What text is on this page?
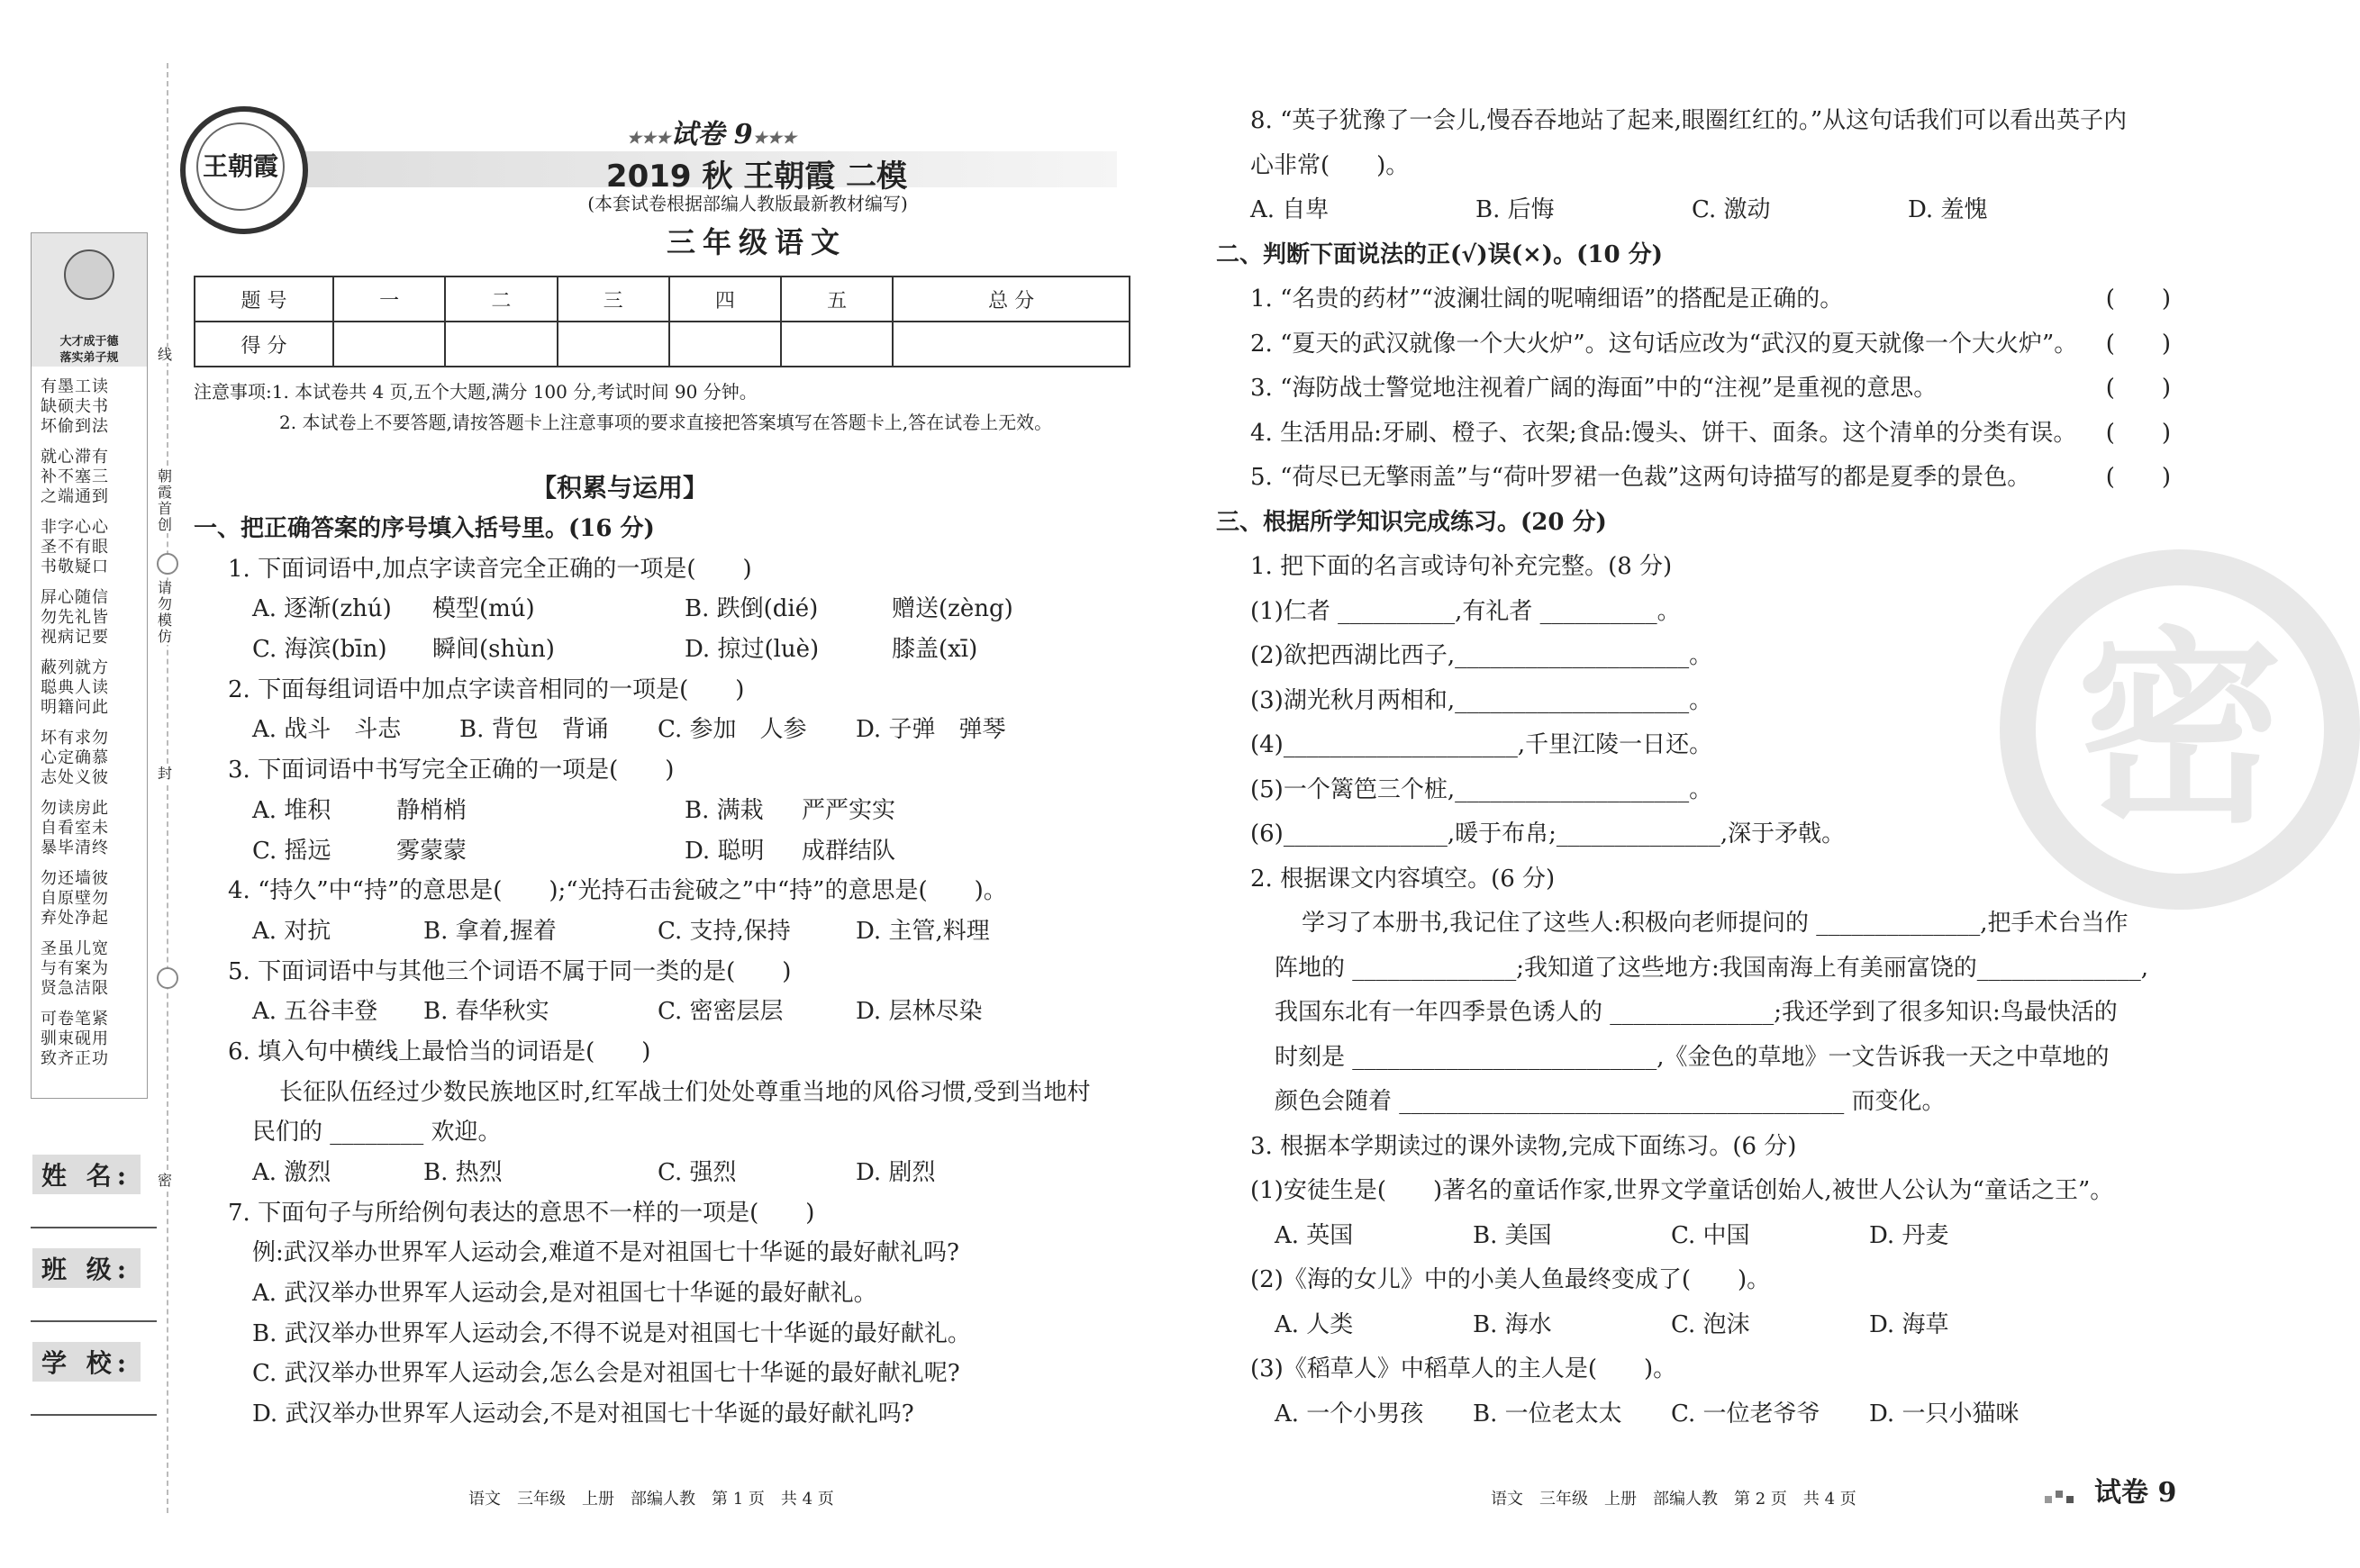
大才成于德
落实弟子规
有墨工读
缺硕夫书
坏偷到法
就心滞有
补不塞三
之端通到
非字心心
圣不有眼
书敬疑口
屏心随信
勿先礼皆
视病记要
蔽列就方
聪典人读
明籍问此
坏有求勿
心定确慕
志处义彼
勿读房此
自看室未
暴毕清终
勿还墙彼
自原壁勿
弃处净起
圣虽儿宽
与有案为
贤急洁限
可卷笔紧
驯束砚用
致齐正功
线
朝霞首创
请勿模仿
封
密
姓 名:
班 级:
学 校:
王朝霞
★★★试卷 9★★★
2019 秋 王朝霞 二模
(本套试卷根据部编人教版最新教材编写)
三年级语文
题 号	一	二	三	四	五	总 分
得 分						
注意事项:1. 本试卷共 4 页,五个大题,满分 100 分,考试时间 90 分钟。
2. 本试卷上不要答题,请按答题卡上注意事项的要求直接把答案填写在答题卡上,答在试卷上无效。
【积累与运用】
一、把正确答案的序号填入括号里。(16 分)
1. 下面词语中,加点字读音完全正确的一项是(　　)
A. 逐渐(zhú) 模型(mú)	B. 跌倒(dié)	赠送(zèng)
C. 海滨(bīn) 瞬间(shùn)	D. 掠过(luè)	膝盖(xī)
2. 下面每组词语中加点字读音相同的一项是(　　)
A. 战斗　斗志 B. 背包　背诵 C. 参加　人参 D. 子弹　弹琴
3. 下面词语中书写完全正确的一项是(　　)
A. 堆积	静梢梢	B. 满栽 严严实实
C. 摇远	雾蒙蒙	D. 聪明 成群结队
4. “持久”中“持”的意思是(　　);“光持石击瓮破之”中“持”的意思是(　　)。
A. 对抗	B. 拿着,握着	C. 支持,保持	D. 主管,料理
5. 下面词语中与其他三个词语不属于同一类的是(　　)
A. 五谷丰登 B. 春华秋实	C. 密密层层	D. 层林尽染
6. 填入句中横线上最恰当的词语是(　　)
长征队伍经过少数民族地区时,红军战士们处处尊重当地的风俗习惯,受到当地村
民们的 ________ 欢迎。
A. 激烈	B. 热烈	C. 强烈	D. 剧烈
7. 下面句子与所给例句表达的意思不一样的一项是(　　)
例:武汉举办世界军人运动会,难道不是对祖国七十华诞的最好献礼吗?
A. 武汉举办世界军人运动会,是对祖国七十华诞的最好献礼。
B. 武汉举办世界军人运动会,不得不说是对祖国七十华诞的最好献礼。
C. 武汉举办世界军人运动会,怎么会是对祖国七十华诞的最好献礼呢?
D. 武汉举办世界军人运动会,不是对祖国七十华诞的最好献礼吗?
8. “英子犹豫了一会儿,慢吞吞地站了起来,眼圈红红的。”从这句话我们可以看出英子内
心非常(　　)。
A. 自卑	B. 后悔	C. 激动	D. 羞愧
二、判断下面说法的正(√)误(×)。(10 分)
1. “名贵的药材”“波澜壮阔的呢喃细语”的搭配是正确的。	(　　)
2. “夏天的武汉就像一个大火炉”。这句话应改为“武汉的夏天就像一个大火炉”。 (　　)
3. “海防战士警觉地注视着广阔的海面”中的“注视”是重视的意思。	(　　)
4. 生活用品:牙刷、橙子、衣架;食品:馒头、饼干、面条。这个清单的分类有误。 (　　)
5. “荷尽已无擎雨盖”与“荷叶罗裙一色裁”这两句诗描写的都是夏季的景色。	(　　)
三、根据所学知识完成练习。(20 分)
1. 把下面的名言或诗句补充完整。(8 分)
(1)仁者 __________,有礼者 __________。
(2)欲把西湖比西子,____________________。
(3)湖光秋月两相和,____________________。
(4)____________________,千里江陵一日还。
(5)一个篱笆三个桩,____________________。
(6)______________,暖于布帛;______________,深于矛戟。
2. 根据课文内容填空。(6 分)
学习了本册书,我记住了这些人:积极向老师提问的 ______________,把手术台当作
阵地的 ______________;我知道了这些地方:我国南海上有美丽富饶的______________,
我国东北有一年四季景色诱人的 ______________;我还学到了很多知识:鸟最快活的
时刻是 __________________________,《金色的草地》一文告诉我一天之中草地的
颜色会随着 ______________________________________ 而变化。
3. 根据本学期读过的课外读物,完成下面练习。(6 分)
(1)安徒生是(　　)著名的童话作家,世界文学童话创始人,被世人公认为“童话之王”。
A. 英国	B. 美国	C. 中国	D. 丹麦
(2)《海的女儿》中的小美人鱼最终变成了(　　)。
A. 人类	B. 海水	C. 泡沫	D. 海草
(3)《稻草人》中稻草人的主人是(　　)。
A. 一个小男孩 B. 一位老太太 C. 一位老爷爷 D. 一只小猫咪
密
语文　三年级　上册　部编人教　第 1 页　共 4 页	语文　三年级　上册　部编人教　第 2 页　共 4 页	试卷 9
